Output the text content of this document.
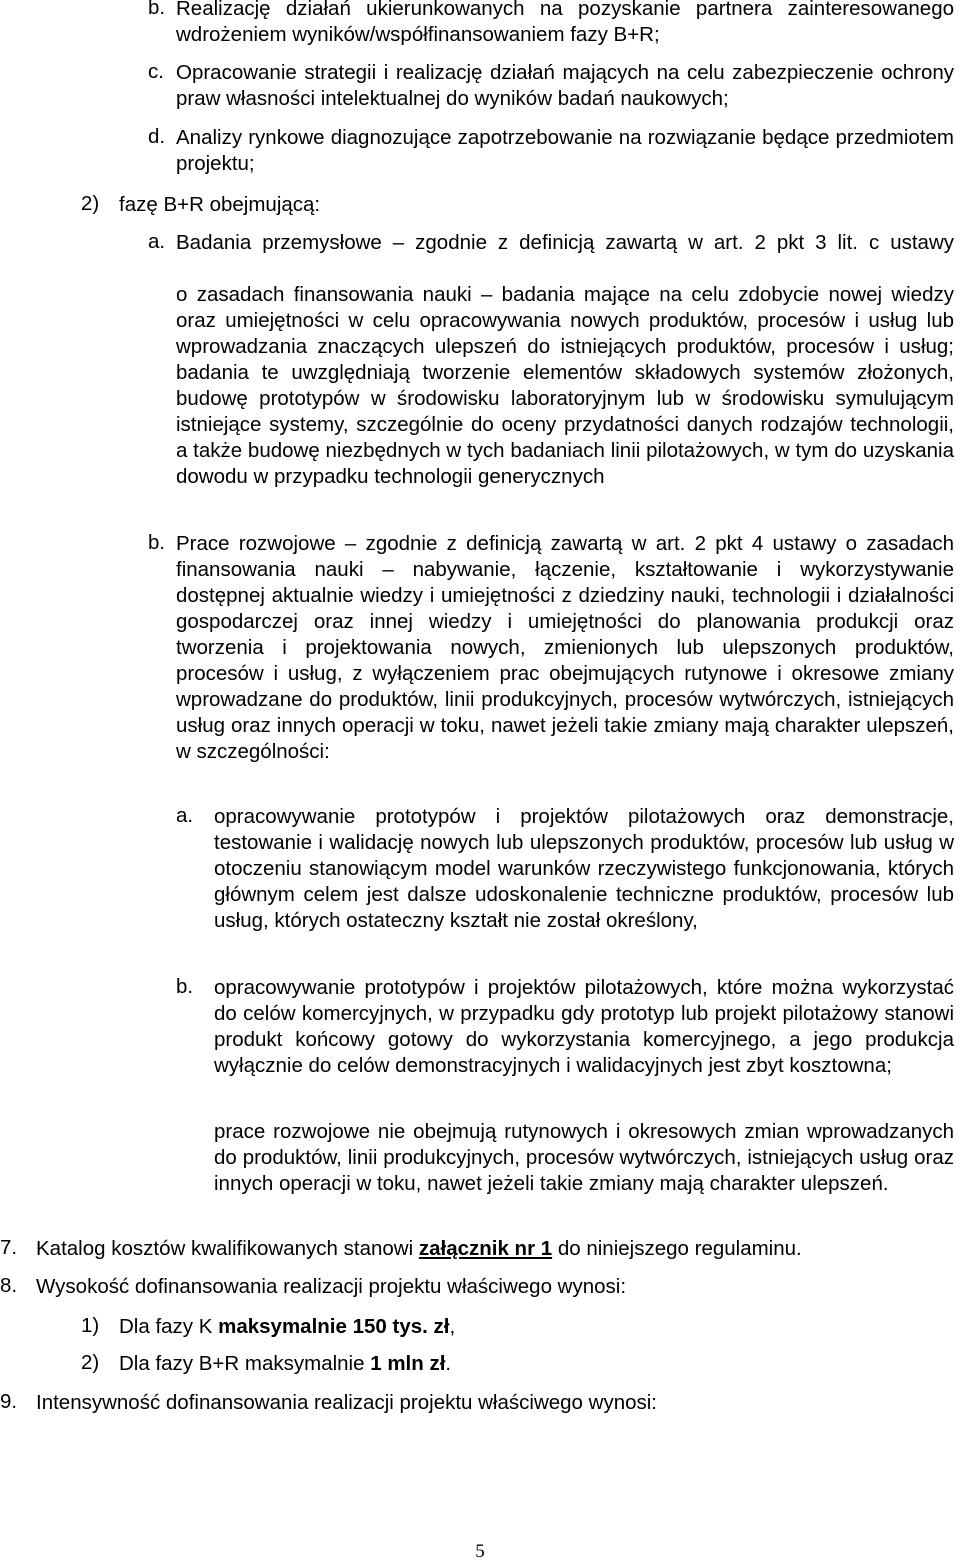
b. Realizację działań ukierunkowanych na pozyskanie partnera zainteresowanego wdrożeniem wyników/współfinansowaniem fazy B+R;
c. Opracowanie strategii i realizację działań mających na celu zabezpieczenie ochrony praw własności intelektualnej do wyników badań naukowych;
d. Analizy rynkowe diagnozujące zapotrzebowanie na rozwiązanie będące przedmiotem projektu;
2) fazę B+R obejmującą:
a. Badania przemysłowe – zgodnie z definicją zawartą w art. 2 pkt 3 lit. c ustawy
o zasadach finansowania nauki – badania mające na celu zdobycie nowej wiedzy oraz umiejętności w celu opracowywania nowych produktów, procesów i usług lub wprowadzania znaczących ulepszeń do istniejących produktów, procesów i usług; badania te uwzględniają tworzenie elementów składowych systemów złożonych, budowę prototypów w środowisku laboratoryjnym lub w środowisku symulującym istniejące systemy, szczególnie do oceny przydatności danych rodzajów technologii, a także budowę niezbędnych w tych badaniach linii pilotażowych, w tym do uzyskania dowodu w przypadku technologii generycznych
b. Prace rozwojowe – zgodnie z definicją zawartą w art. 2 pkt 4 ustawy o zasadach finansowania nauki – nabywanie, łączenie, kształtowanie i wykorzystywanie dostępnej aktualnie wiedzy i umiejętności z dziedziny nauki, technologii i działalności gospodarczej oraz innej wiedzy i umiejętności do planowania produkcji oraz tworzenia i projektowania nowych, zmienionych lub ulepszonych produktów, procesów i usług, z wyłączeniem prac obejmujących rutynowe i okresowe zmiany wprowadzane do produktów, linii produkcyjnych, procesów wytwórczych, istniejących usług oraz innych operacji w toku, nawet jeżeli takie zmiany mają charakter ulepszeń, w szczególności:
a.	opracowywanie prototypów i projektów pilotażowych oraz demonstracje, testowanie i walidację nowych lub ulepszonych produktów, procesów lub usług w otoczeniu stanowiącym model warunków rzeczywistego funkcjonowania, których głównym celem jest dalsze udoskonalenie techniczne produktów, procesów lub usług, których ostateczny kształt nie został określony,
b.	opracowywanie prototypów i projektów pilotażowych, które można wykorzystać do celów komercyjnych, w przypadku gdy prototyp lub projekt pilotażowy stanowi produkt końcowy gotowy do wykorzystania komercyjnego, a jego produkcja wyłącznie do celów demonstracyjnych i walidacyjnych jest zbyt kosztowna;
prace rozwojowe nie obejmują rutynowych i okresowych zmian wprowadzanych do produktów, linii produkcyjnych, procesów wytwórczych, istniejących usług oraz innych operacji w toku, nawet jeżeli takie zmiany mają charakter ulepszeń.
7. Katalog kosztów kwalifikowanych stanowi załącznik nr 1 do niniejszego regulaminu.
8. Wysokość dofinansowania realizacji projektu właściwego wynosi:
1) Dla fazy K maksymalnie 150 tys. zł,
2) Dla fazy B+R maksymalnie 1 mln zł.
9. Intensywność dofinansowania realizacji projektu właściwego wynosi:
5
